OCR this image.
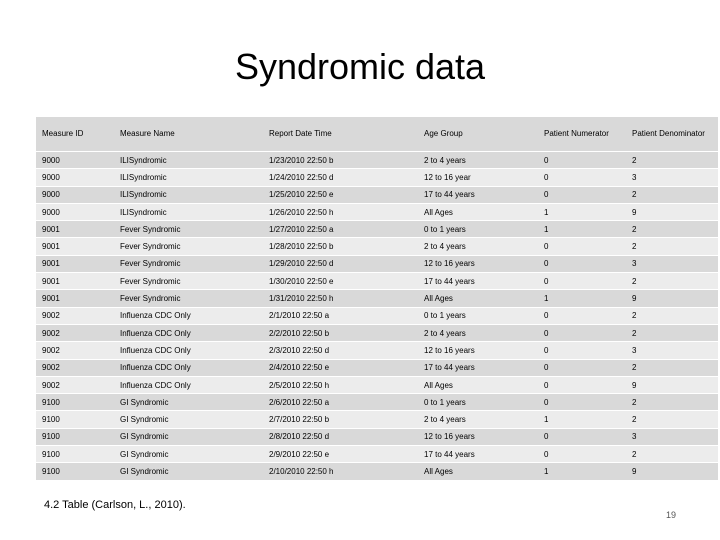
Syndromic data
Measure ID	Measure Name	Report Date Time	Age Group	Patient Numerator	Patient Denominator
9000	ILISyndromic	1/23/2010 22:50 b	2 to 4 years	0	2
9000	ILISyndromic	1/24/2010 22:50 d	12 to 16 year	0	3
9000	ILISyndromic	1/25/2010 22:50 e	17 to 44 years	0	2
9000	ILISyndromic	1/26/2010 22:50 h	All Ages	1	9
9001	Fever Syndromic	1/27/2010 22:50 a	0 to 1 years	1	2
9001	Fever Syndromic	1/28/2010 22:50 b	2 to 4 years	0	2
9001	Fever Syndromic	1/29/2010 22:50 d	12 to 16 years	0	3
9001	Fever Syndromic	1/30/2010 22:50 e	17 to 44 years	0	2
9001	Fever Syndromic	1/31/2010 22:50 h	All Ages	1	9
9002	Influenza CDC Only	2/1/2010 22:50 a	0 to 1 years	0	2
9002	Influenza CDC Only	2/2/2010 22:50 b	2 to 4 years	0	2
9002	Influenza CDC Only	2/3/2010 22:50 d	12 to 16 years	0	3
9002	Influenza CDC Only	2/4/2010 22:50 e	17 to 44 years	0	2
9002	Influenza CDC Only	2/5/2010 22:50 h	All Ages	0	9
9100	GI Syndromic	2/6/2010 22:50 a	0 to 1 years	0	2
9100	GI Syndromic	2/7/2010 22:50 b	2 to 4 years	1	2
9100	GI Syndromic	2/8/2010 22:50 d	12 to 16 years	0	3
9100	GI Syndromic	2/9/2010 22:50 e	17 to 44 years	0	2
9100	GI Syndromic	2/10/2010 22:50 h	All Ages	1	9
4.2 Table (Carlson, L., 2010).
19
